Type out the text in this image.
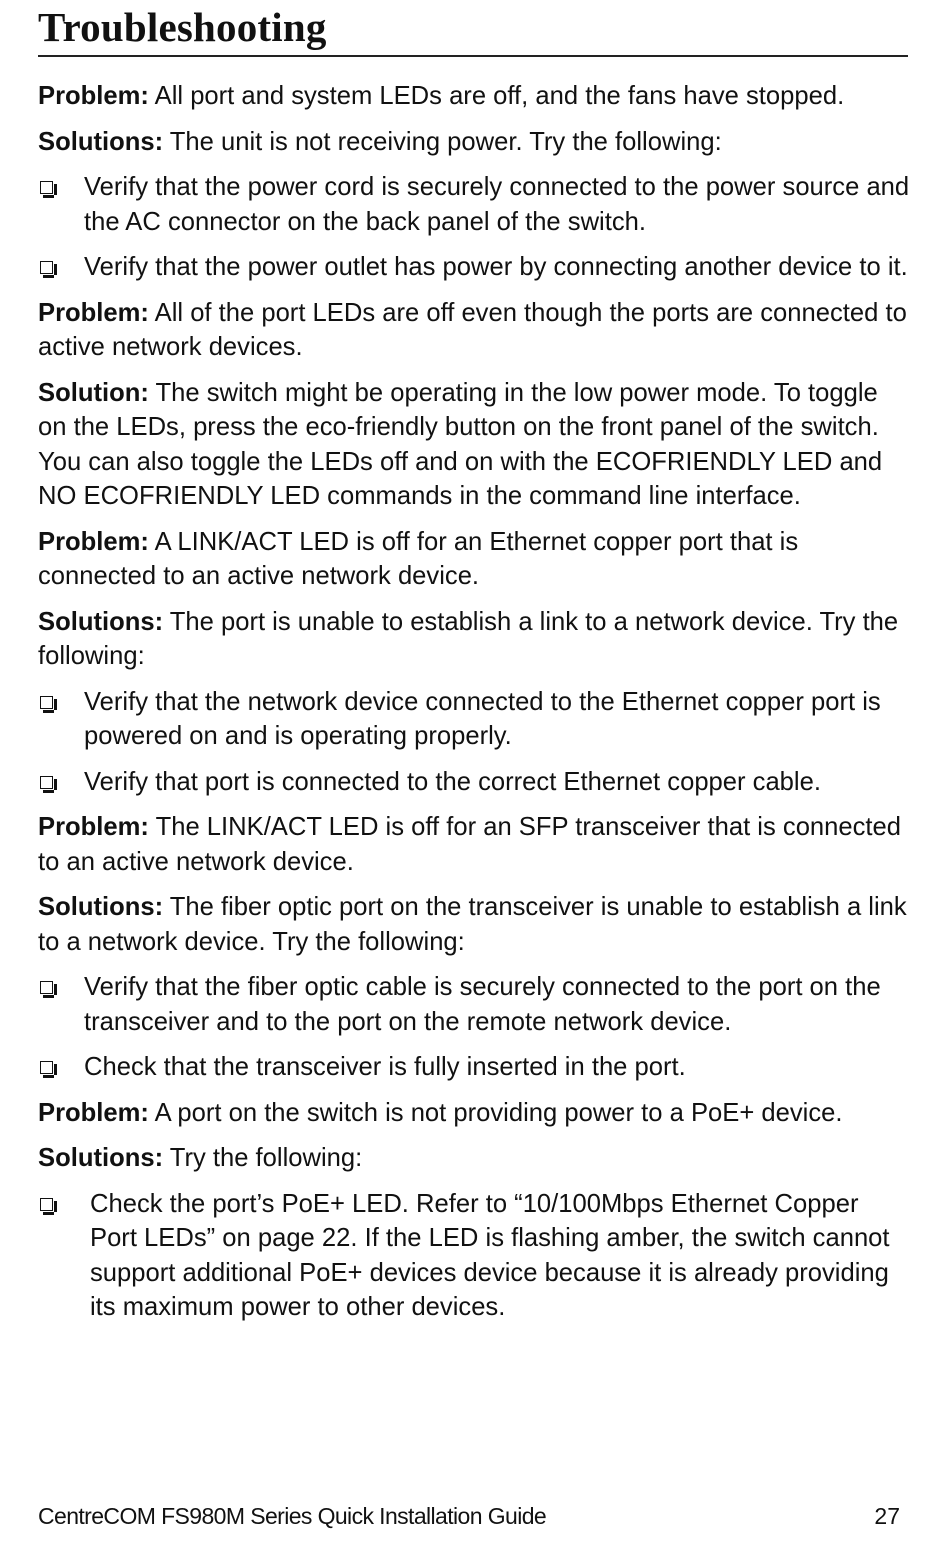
Troubleshooting

Problem: All port and system LEDs are off, and the fans have stopped.

Solutions: The unit is not receiving power. Try the following:

Verify that the power cord is securely connected to the power source and the AC connector on the back panel of the switch.
Verify that the power outlet has power by connecting another device to it.

Problem: All of the port LEDs are off even though the ports are connected to active network devices.

Solution: The switch might be operating in the low power mode. To toggle on the LEDs, press the eco-friendly button on the front panel of the switch. You can also toggle the LEDs off and on with the ECOFRIENDLY LED and NO ECOFRIENDLY LED commands in the command line interface.

Problem: A LINK/ACT LED is off for an Ethernet copper port that is connected to an active network device.

Solutions: The port is unable to establish a link to a network device. Try the following:

Verify that the network device connected to the Ethernet copper port is powered on and is operating properly.
Verify that port is connected to the correct Ethernet copper cable.

Problem: The LINK/ACT LED is off for an SFP transceiver that is connected to an active network device.

Solutions: The fiber optic port on the transceiver is unable to establish a link to a network device. Try the following:

Verify that the fiber optic cable is securely connected to the port on the transceiver and to the port on the remote network device.
Check that the transceiver is fully inserted in the port.

Problem: A port on the switch is not providing power to a PoE+ device.

Solutions: Try the following:

Check the port’s PoE+ LED. Refer to “10/100Mbps Ethernet Copper Port LEDs” on page 22. If the LED is flashing amber, the switch cannot support additional PoE+ devices device because it is already providing its maximum power to other devices.
CentreCOM FS980M Series Quick Installation Guide	27
